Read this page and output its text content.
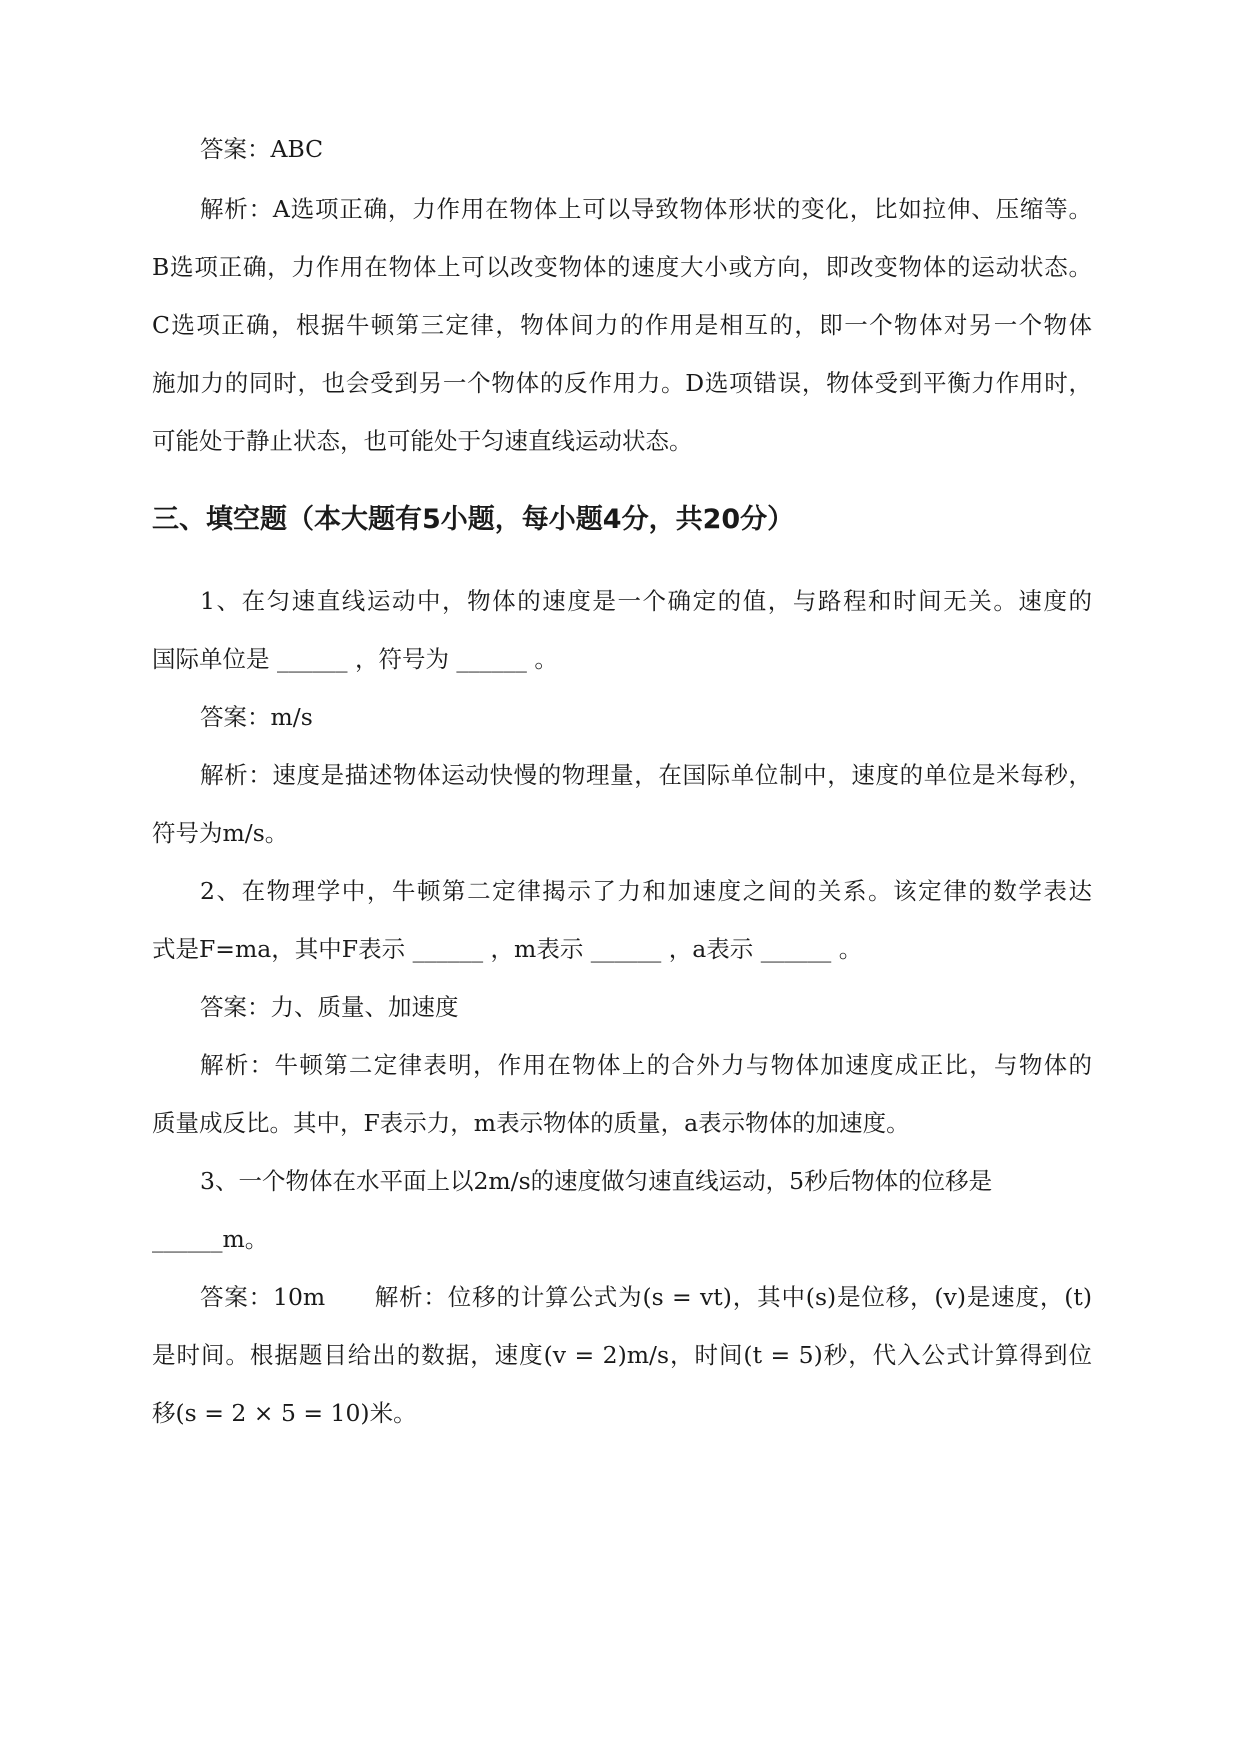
答案：ABC
解析：A选项正确，力作用在物体上可以导致物体形状的变化，比如拉伸、压缩等。
B选项正确，力作用在物体上可以改变物体的速度大小或方向，即改变物体的运动状态。
C选项正确，根据牛顿第三定律，物体间力的作用是相互的，即一个物体对另一个物体
施加力的同时，也会受到另一个物体的反作用力。D选项错误，物体受到平衡力作用时，
可能处于静止状态，也可能处于匀速直线运动状态。
三、填空题（本大题有5小题，每小题4分，共20分）
1、在匀速直线运动中，物体的速度是一个确定的值，与路程和时间无关。速度的
国际单位是 ______ ，符号为 ______ 。
答案：m/s
解析：速度是描述物体运动快慢的物理量，在国际单位制中，速度的单位是米每秒，
符号为m/s。
2、在物理学中，牛顿第二定律揭示了力和加速度之间的关系。该定律的数学表达
式是F=ma，其中F表示 ______ ，m表示 ______ ，a表示 ______ 。
答案：力、质量、加速度
解析：牛顿第二定律表明，作用在物体上的合外力与物体加速度成正比，与物体的
质量成反比。其中，F表示力，m表示物体的质量，a表示物体的加速度。
3、一个物体在水平面上以2m/s的速度做匀速直线运动，5秒后物体的位移是
______m。
答案：10m　　解析：位移的计算公式为(s = vt)，其中(s)是位移，(v)是速度，(t)
是时间。根据题目给出的数据，速度(v = 2)m/s，时间(t = 5)秒，代入公式计算得到位
移(s = 2 × 5 = 10)米。
